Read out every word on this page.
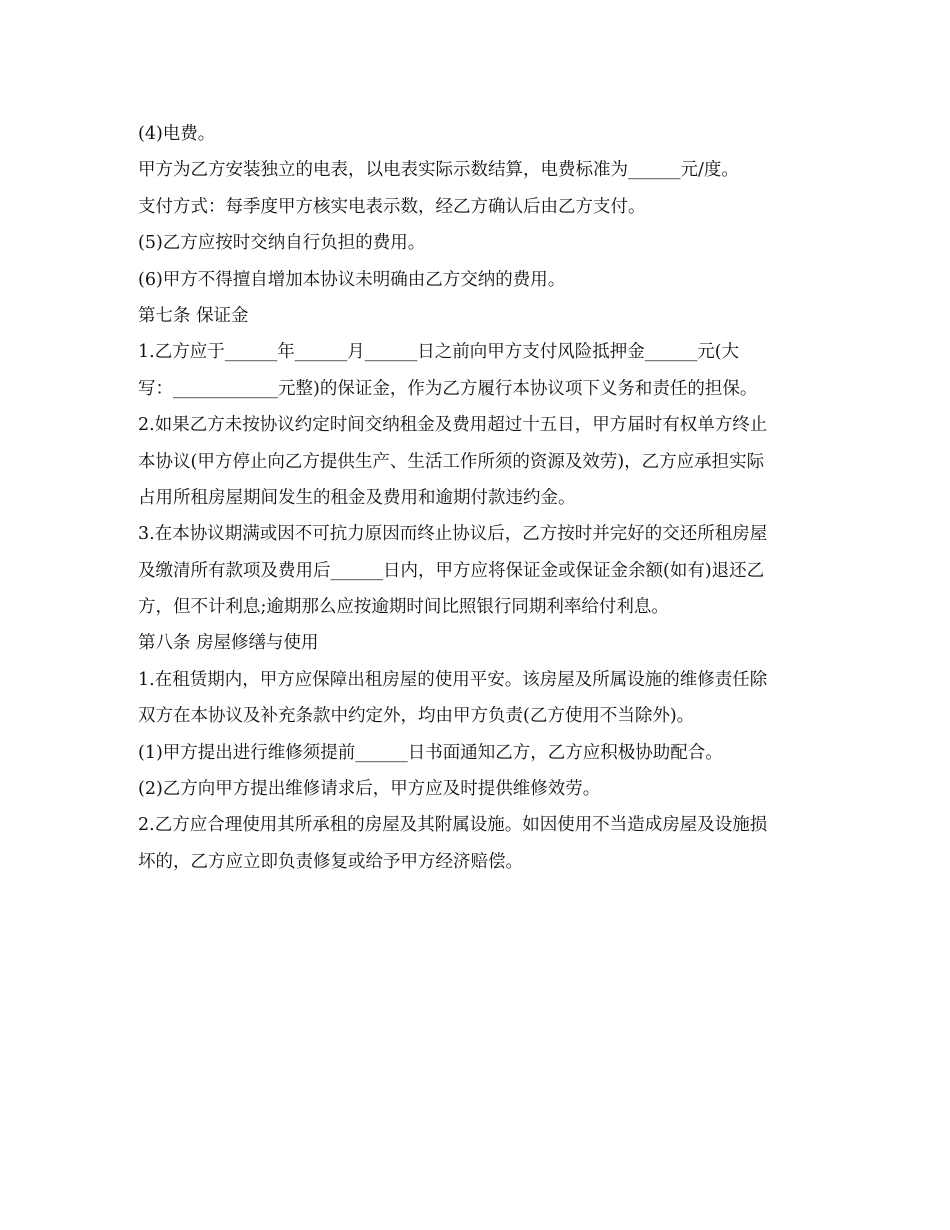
(4)电费。
甲方为乙方安装独立的电表，以电表实际示数结算，电费标准为______元/度。
支付方式：每季度甲方核实电表示数，经乙方确认后由乙方支付。
(5)乙方应按时交纳自行负担的费用。
(6)甲方不得擅自增加本协议未明确由乙方交纳的费用。
第七条 保证金
1.乙方应于______年______月______日之前向甲方支付风险抵押金______元(大
写：____________元整)的保证金，作为乙方履行本协议项下义务和责任的担保。
2.如果乙方未按协议约定时间交纳租金及费用超过十五日，甲方届时有权单方终止
本协议(甲方停止向乙方提供生产、生活工作所须的资源及效劳)，乙方应承担实际
占用所租房屋期间发生的租金及费用和逾期付款违约金。
3.在本协议期满或因不可抗力原因而终止协议后，乙方按时并完好的交还所租房屋
及缴清所有款项及费用后______日内，甲方应将保证金或保证金余额(如有)退还乙
方，但不计利息;逾期那么应按逾期时间比照银行同期利率给付利息。
第八条 房屋修缮与使用
1.在租赁期内，甲方应保障出租房屋的使用平安。该房屋及所属设施的维修责任除
双方在本协议及补充条款中约定外，均由甲方负责(乙方使用不当除外)。
(1)甲方提出进行维修须提前______日书面通知乙方，乙方应积极协助配合。
(2)乙方向甲方提出维修请求后，甲方应及时提供维修效劳。
2.乙方应合理使用其所承租的房屋及其附属设施。如因使用不当造成房屋及设施损
坏的，乙方应立即负责修复或给予甲方经济赔偿。
